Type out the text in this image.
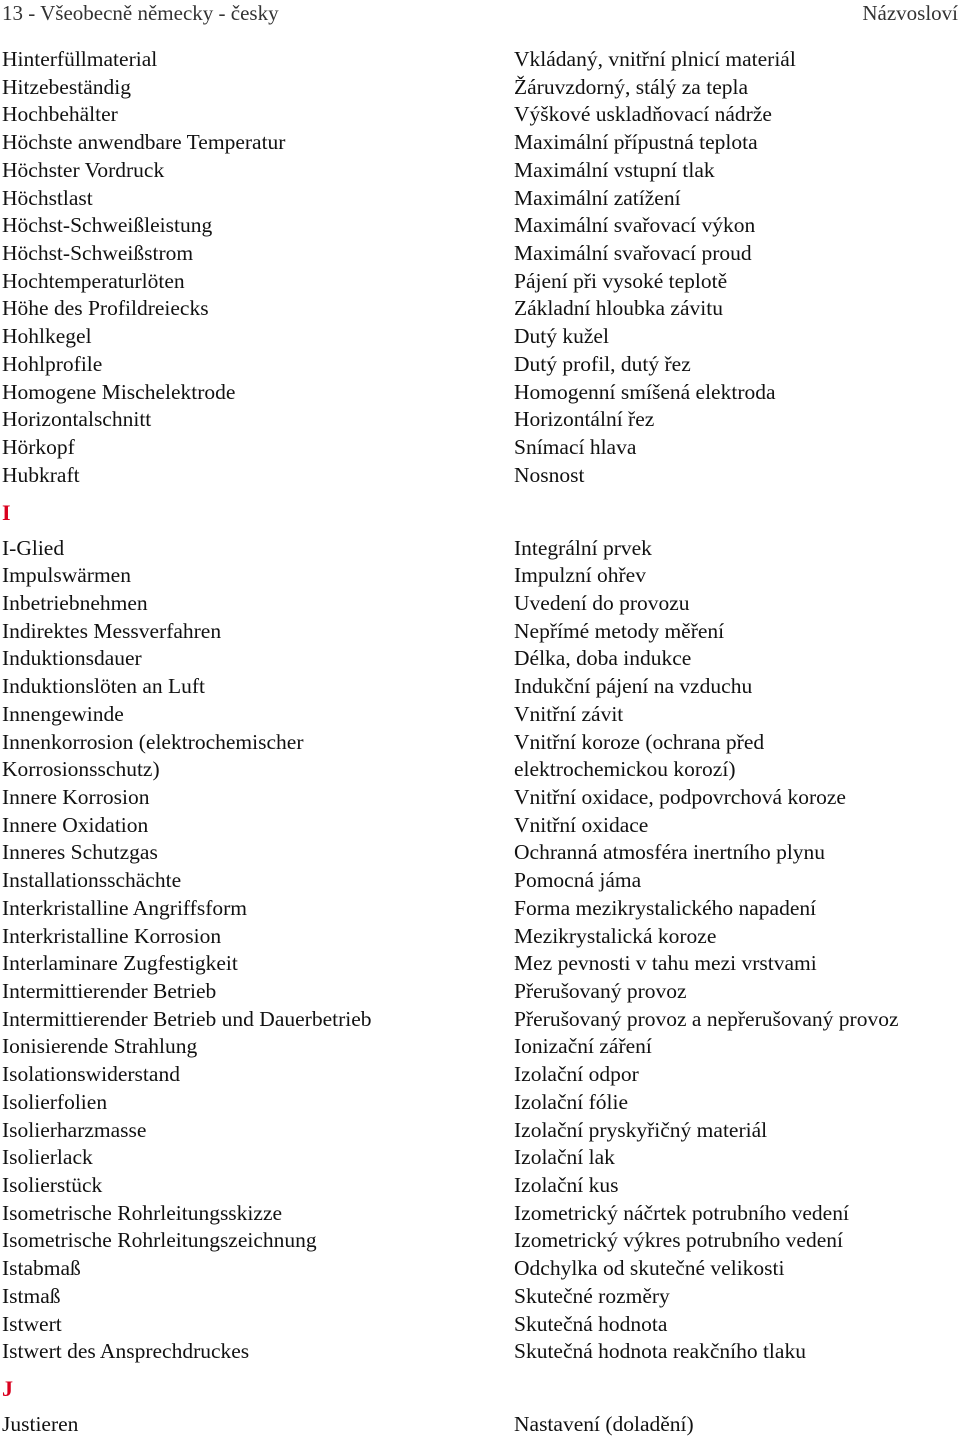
13 - Všeobecně německy - česky	Názvosloví
Hinterfüllmaterial	Vkládaný, vnitřní plnicí materiál
Hitzebeständig	Žáruvzdorný, stálý za tepla
Hochbehälter	Výškové uskladňovací nádrže
Höchste anwendbare Temperatur	Maximální přípustná teplota
Höchster Vordruck	Maximální vstupní tlak
Höchstlast	Maximální zatížení
Höchst-Schweißleistung	Maximální svařovací výkon
Höchst-Schweißstrom	Maximální svařovací proud
Hochtemperaturlöten	Pájení při vysoké teplotě
Höhe des Profildreiecks	Základní hloubka závitu
Hohlkegel	Dutý kužel
Hohlprofile	Dutý profil, dutý řez
Homogene Mischelektrode	Homogenní smíšená elektroda
Horizontalschnitt	Horizontální řez
Hörkopf	Snímací hlava
Hubkraft	Nosnost
I
I-Glied	Integrální prvek
Impulswärmen	Impulzní ohřev
Inbetriebnehmen	Uvedení do provozu
Indirektes Messverfahren	Nepřímé metody měření
Induktionsdauer	Délka, doba indukce
Induktionslöten an Luft	Indukční pájení na vzduchu
Innengewinde	Vnitřní závit
Innenkorrosion (elektrochemischer	Vnitřní koroze (ochrana před
Korrosionsschutz)	elektrochemickou korozí)
Innere Korrosion	Vnitřní oxidace, podpovrchová koroze
Innere Oxidation	Vnitřní oxidace
Inneres Schutzgas	Ochranná atmosféra inertního plynu
Installationsschächte	Pomocná jáma
Interkristalline Angriffsform	Forma mezikrystalického napadení
Interkristalline Korrosion	Mezikrystalická koroze
Interlaminare Zugfestigkeit	Mez pevnosti v tahu mezi vrstvami
Intermittierender Betrieb	Přerušovaný provoz
Intermittierender Betrieb und Dauerbetrieb	Přerušovaný provoz a nepřerušovaný provoz
Ionisierende Strahlung	Ionizační záření
Isolationswiderstand	Izolační odpor
Isolierfolien	Izolační fólie
Isolierharzmasse	Izolační pryskyřičný materiál
Isolierlack	Izolační lak
Isolierstück	Izolační kus
Isometrische Rohrleitungsskizze	Izometrický náčrtek potrubního vedení
Isometrische Rohrleitungszeichnung	Izometrický výkres potrubního vedení
Istabmaß	Odchylka od skutečné velikosti
Istmaß	Skutečné rozměry
Istwert	Skutečná hodnota
Istwert des Ansprechdruckes	Skutečná hodnota reakčního tlaku
J
Justieren	Nastavení (doladění)
